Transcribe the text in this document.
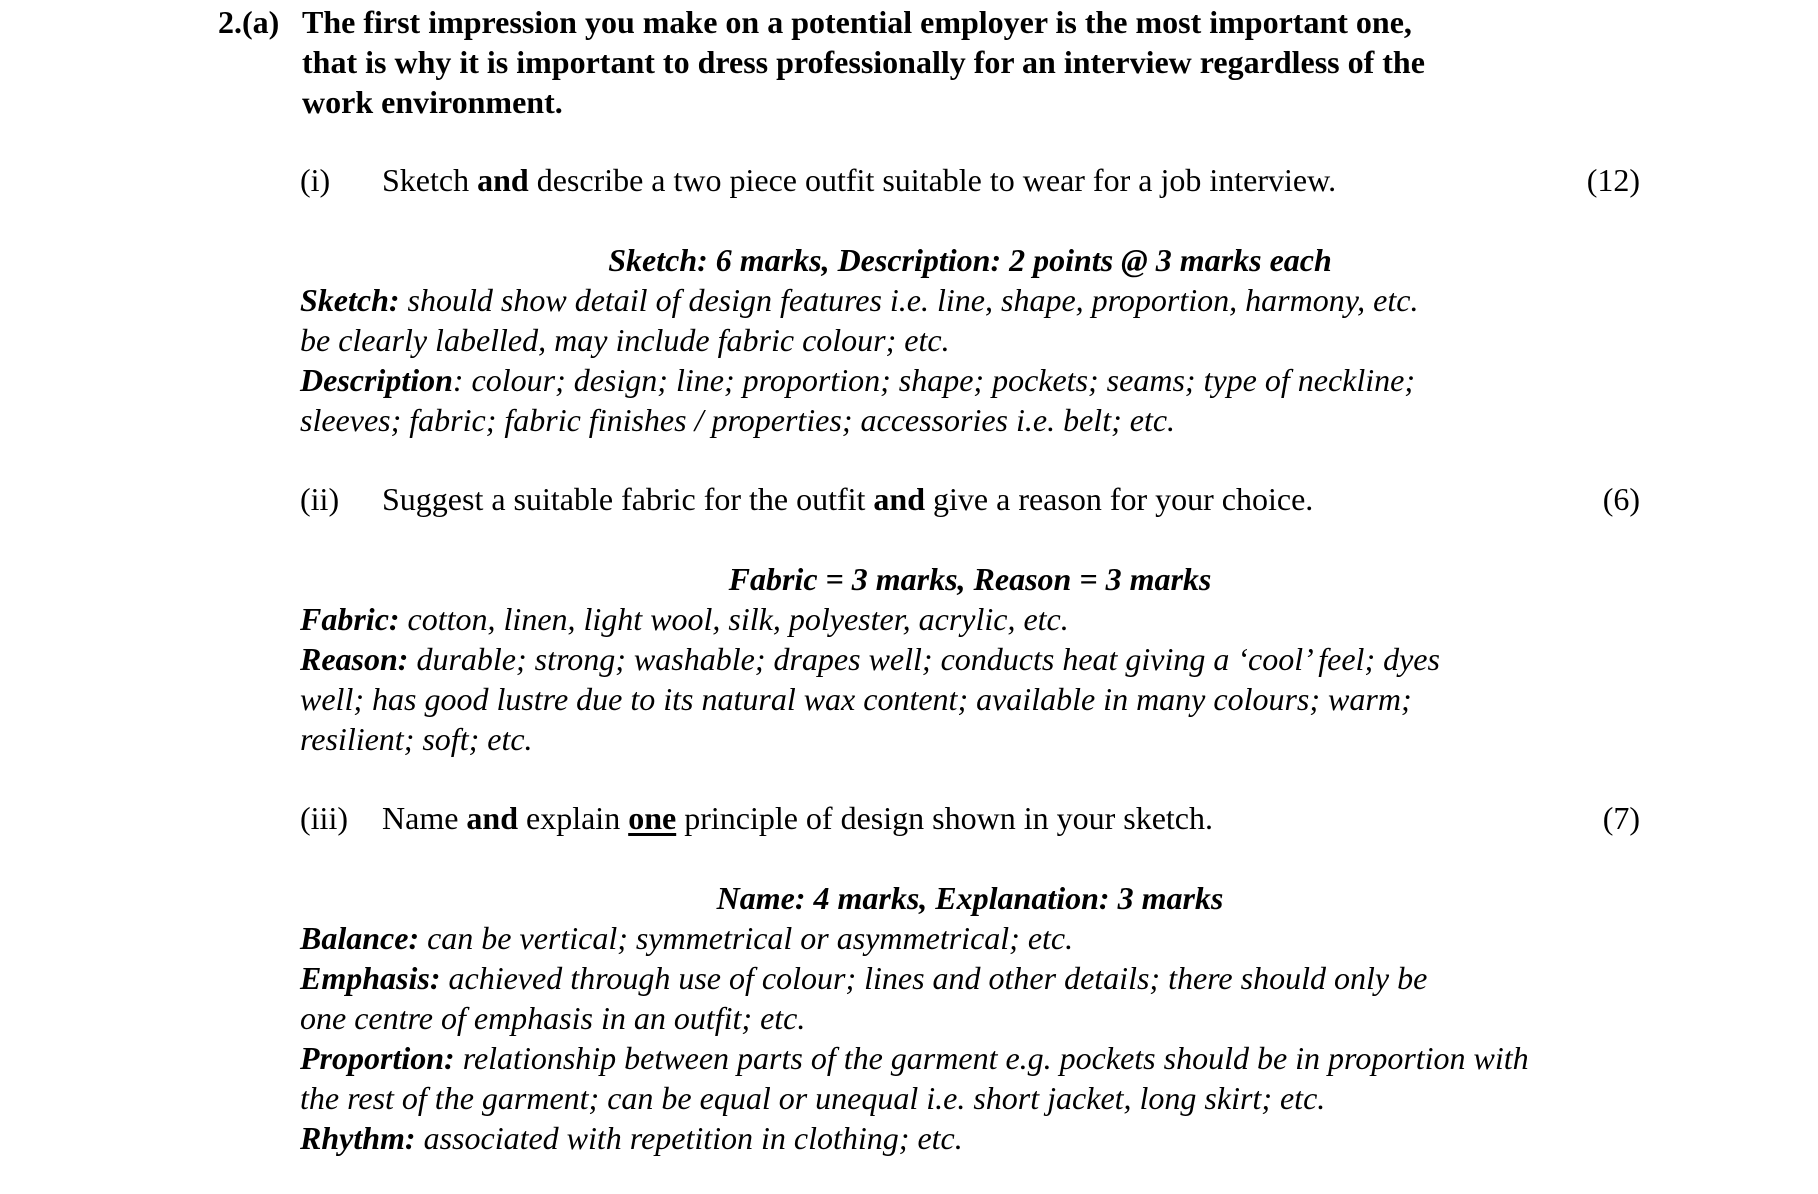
2.(a) The first impression you make on a potential employer is the most important one,
that is why it is important to dress professionally for an interview regardless of the
work environment.
(i) Sketch and describe a two piece outfit suitable to wear for a job interview.	(12)
Sketch: 6 marks, Description: 2 points @ 3 marks each
Sketch: should show detail of design features i.e. line, shape, proportion, harmony, etc.
be clearly labelled, may include fabric colour; etc.
Description: colour; design; line; proportion; shape; pockets; seams; type of neckline;
sleeves; fabric; fabric finishes / properties; accessories i.e. belt; etc.
(ii) Suggest a suitable fabric for the outfit and give a reason for your choice.	(6)
Fabric = 3 marks, Reason = 3 marks
Fabric: cotton, linen, light wool, silk, polyester, acrylic, etc.
Reason: durable; strong; washable; drapes well; conducts heat giving a ‘cool’ feel; dyes
well; has good lustre due to its natural wax content; available in many colours; warm;
resilient; soft; etc.
(iii) Name and explain one principle of design shown in your sketch.	(7)
Name: 4 marks, Explanation: 3 marks
Balance: can be vertical; symmetrical or asymmetrical; etc.
Emphasis: achieved through use of colour; lines and other details; there should only be
one centre of emphasis in an outfit; etc.
Proportion: relationship between parts of the garment e.g. pockets should be in proportion with
the rest of the garment; can be equal or unequal i.e. short jacket, long skirt; etc.
Rhythm: associated with repetition in clothing; etc.
